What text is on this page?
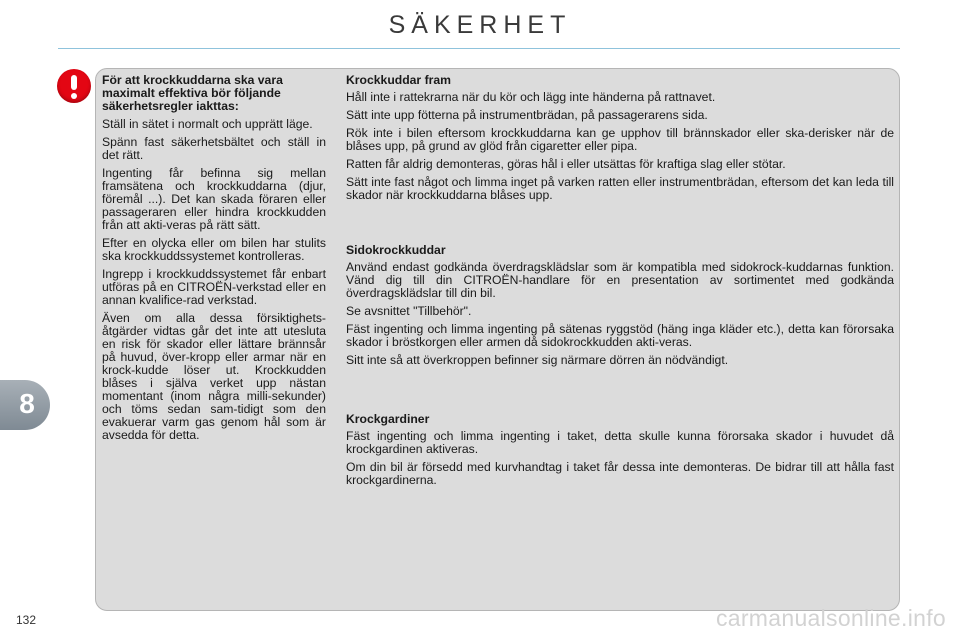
SÄKERHET
För att krockkuddarna ska vara maximalt effektiva bör följande säkerhetsregler iakttas:

Ställ in sätet i normalt och upprätt läge.

Spänn fast säkerhetsbältet och ställ in det rätt.

Ingenting får befinna sig mellan framsätena och krockkuddarna (djur, föremål ...). Det kan skada föraren eller passageraren eller hindra krockkudden från att akti-veras på rätt sätt.

Efter en olycka eller om bilen har stulits ska krockkuddssystemet kontrolleras.

Ingrepp i krockkuddssystemet får enbart utföras på en CITROËN-verkstad eller en annan kvalifice-rad verkstad.

Även om alla dessa försiktighets-åtgärder vidtas går det inte att utesluta en risk för skador eller lättare brännsår på huvud, över-kropp eller armar när en krock-kudde löser ut. Krockkudden blåses i själva verket upp nästan momentant (inom några milli-sekunder) och töms sedan sam-tidigt som den evakuerar varm gas genom hål som är avsedda för detta.

Krockkuddar fram

Håll inte i rattekrarna när du kör och lägg inte händerna på rattnavet.

Sätt inte upp fötterna på instrumentbrädan, på passagerarens sida.

Rök inte i bilen eftersom krockkuddarna kan ge upphov till brännskador eller ska-derisker när de blåses upp, på grund av glöd från cigaretter eller pipa.

Ratten får aldrig demonteras, göras hål i eller utsättas för kraftiga slag eller stötar.

Sätt inte fast något och limma inget på varken ratten eller instrumentbrädan, eftersom det kan leda till skador när krockkuddarna blåses upp.

Sidokrockkuddar

Använd endast godkända överdragsklädslar som är kompatibla med sidokrock-kuddarnas funktion. Vänd dig till din CITROËN-handlare för en presentation av sortimentet med godkända överdragsklädslar till din bil.

Se avsnittet "Tillbehör".

Fäst ingenting och limma ingenting på sätenas ryggstöd (häng inga kläder etc.), detta kan förorsaka skador i bröstkorgen eller armen då sidokrockkudden akti-veras.

Sitt inte så att överkroppen befinner sig närmare dörren än nödvändigt.

Krockgardiner

Fäst ingenting och limma ingenting i taket, detta skulle kunna förorsaka skador i huvudet då krockgardinen aktiveras.

Om din bil är försedd med kurvhandtag i taket får dessa inte demonteras. De bidrar till att hålla fast krockgardinerna.

8
132	carmanualsonline.info
